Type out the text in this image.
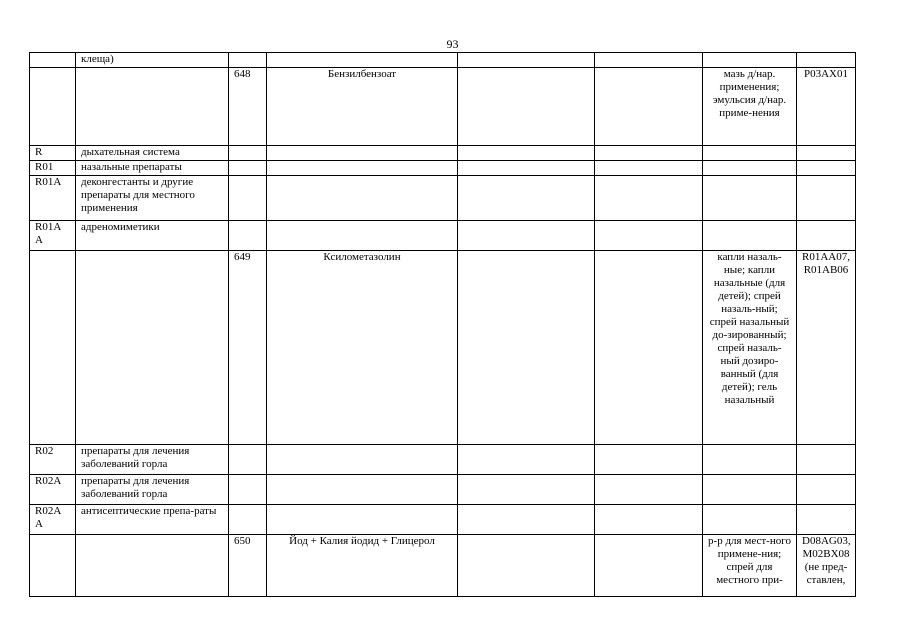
93
	клеща)						
		648	Бензилбензоат			мазь д/нар. применения; эмульсия д/нар. приме-нения	P03AX01
R	дыхательная система						
R01	назальные препараты						
R01A	деконгестанты и другие препараты для местного применения						
R01A A	адреномиметики						
		649	Ксилометазолин			капли назаль-ные; капли назальные (для детей); спрей назаль-ный; спрей назальный до-зированный; спрей назаль-ный дозиро-ванный (для детей); гель назальный	R01AA07, R01AB06
R02	препараты для лечения заболеваний горла						
R02A	препараты для лечения заболеваний горла						
R02A A	антисептические препа-раты						
		650	Йод + Калия йодид + Глицерол			р-р для мест-ного примене-ния; спрей для местного при-	D08AG03, M02BX08 (не пред-ставлен,
